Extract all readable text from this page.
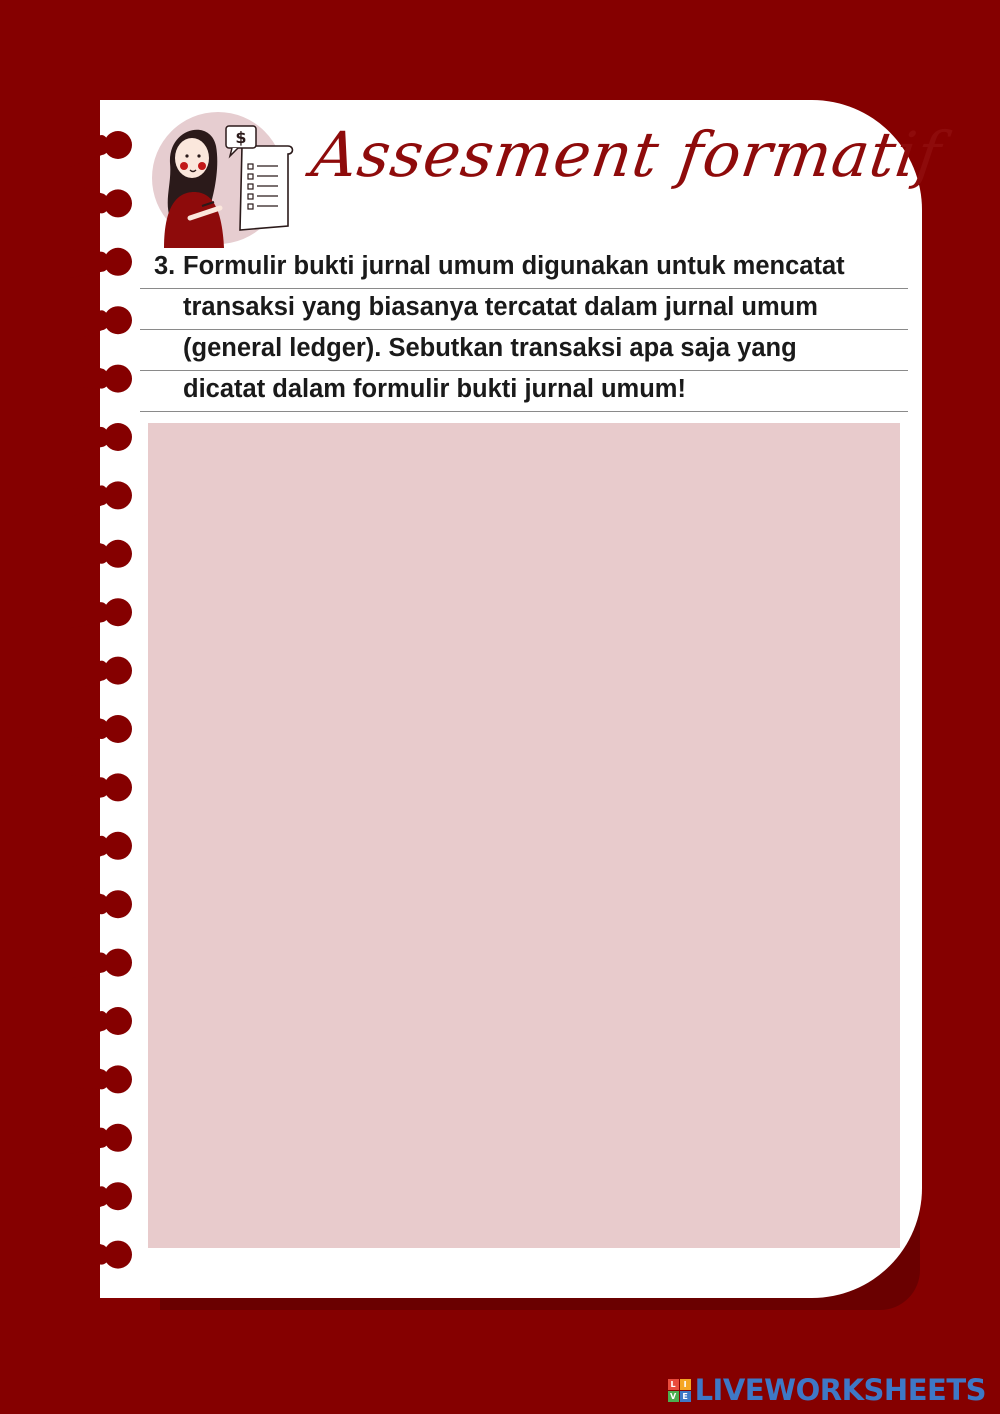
$ Assesment formatif
3. Formulir bukti jurnal umum digunakan untuk mencatat
transaksi yang biasanya tercatat dalam jurnal umum
(general ledger). Sebutkan transaksi apa saja yang
dicatat dalam formulir bukti jurnal umum!
L I
V E LIVEWORKSHEETS
